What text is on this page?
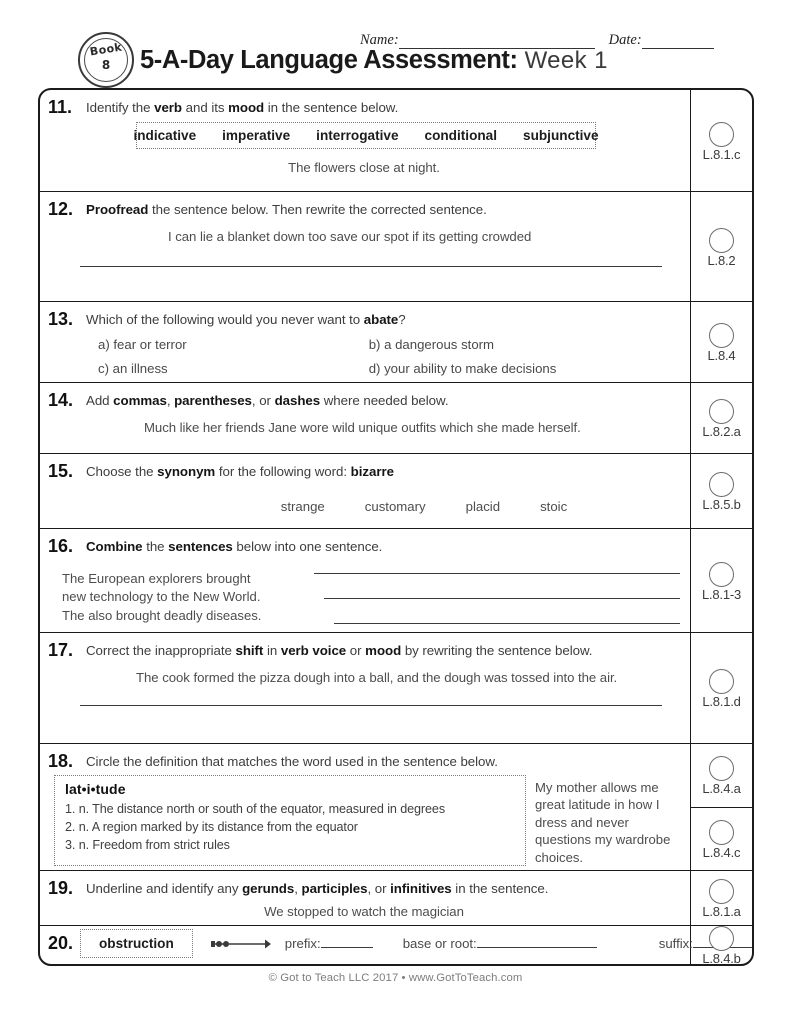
Book
8	5-A-Day Language Assessment: Week 1
Name:	Date:
11.	Identify the verb and its mood in the sentence below.
indicative imperative interrogative conditional subjunctive
The flowers close at night.
L.8.1.c
12. Proofread the sentence below. Then rewrite the corrected sentence.
I can lie a blanket down too save our spot if its getting crowded
L.8.2
13. Which of the following would you never want to abate?
a) fear or terror	b) a dangerous storm
c) an illness	d) your ability to make decisions
L.8.4
14. Add commas, parentheses, or dashes where needed below.
Much like her friends Jane wore wild unique outfits which she made herself.	L.8.2.a
15. Choose the synonym for the following word: bizarre
strange	customary	placid	stoic	L.8.5.b
16. Combine the sentences below into one sentence.
The European explorers brought
new technology to the New World.
The also brought deadly diseases.
L.8.1-3
17. Correct the inappropriate shift in verb voice or mood by rewriting the sentence below.
The cook formed the pizza dough into a ball, and the dough was tossed into the air.
L.8.1.d
18. Circle the definition that matches the word used in the sentence below.
lat•i•tude
1. n. The distance north or south of the equator, measured in degrees
2. n. A region marked by its distance from the equator
3. n. Freedom from strict rules
My mother allows me great latitude in how I dress and never questions my wardrobe choices.
L.8.4.a
L.8.4.c
19. Underline and identify any gerunds, participles, or infinitives in the sentence.
We stopped to watch the magician	L.8.1.a
20.	obstruction	prefix:	base or root:	suffix:
L.8.4.b
© Got to Teach LLC 2017 • www.GotToTeach.com
